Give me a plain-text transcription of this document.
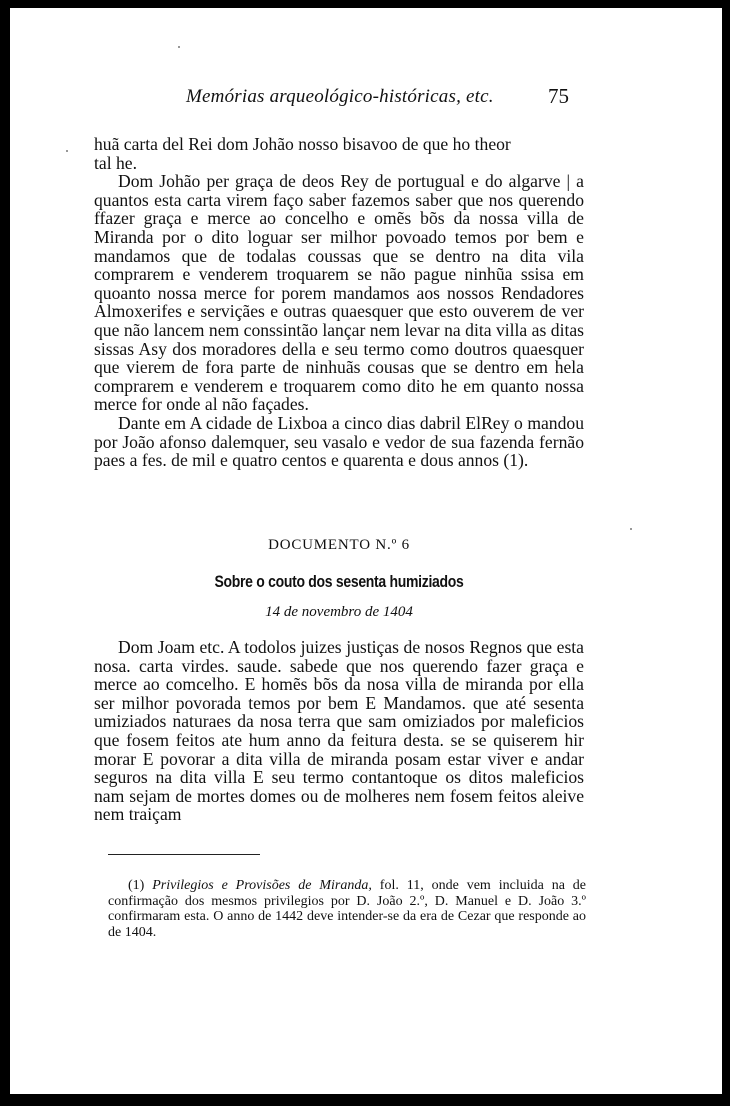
Memórias arqueológico-históricas, etc.	75

huã carta del Rei dom Johão nosso bisavoo de que ho theor

tal he.

Dom Johão per graça de deos Rey de portugual e do algarve | a quantos esta carta virem faço saber fazemos saber que nos querendo ffazer graça e merce ao concelho e omẽs bõs da nossa villa de Miranda por o dito loguar ser milhor povoado temos por bem e mandamos que de todalas coussas que se dentro na dita vila comprarem e venderem troquarem se não pague ninhũa ssisa em quoanto nossa merce for porem mandamos aos nossos Rendadores Almoxerifes e serviçães e outras quaesquer que esto ouverem de ver que não lancem nem conssintão lançar nem levar na dita villa as ditas sissas Asy dos moradores della e seu termo como doutros quaesquer que vierem de fora parte de ninhuãs cousas que se dentro em hela comprarem e venderem e troquarem como dito he em quanto nossa merce for onde al não façades.

Dante em A cidade de Lixboa a cinco dias dabril ElRey o mandou por João afonso dalemquer, seu vasalo e vedor de sua fazenda fernão paes a fes. de mil e quatro centos e quarenta e dous annos (1).

DOCUMENTO N.º 6
Sobre o couto dos sesenta humiziados
14 de novembro de 1404

Dom Joam etc. A todolos juizes justiças de nosos Regnos que esta nosa. carta virdes. saude. sabede que nos querendo fazer graça e merce ao comcelho. E homẽs bõs da nosa villa de miranda por ella ser milhor povorada temos por bem E Mandamos. que até sesenta umiziados naturaes da nosa terra que sam omiziados por maleficios que fosem feitos ate hum anno da feitura desta. se se quiserem hir morar E povorar a dita villa de miranda posam estar viver e andar seguros na dita villa E seu termo contantoque os ditos maleficios nam sejam de mortes domes ou de molheres nem fosem feitos aleive nem traiçam

(1) Privilegios e Provisões de Miranda, fol. 11, onde vem incluida na de confirmação dos mesmos privilegios por D. João 2.º, D. Manuel e D. João 3.º confirmaram esta. O anno de 1442 deve intender-se da era de Cezar que responde ao de 1404.
